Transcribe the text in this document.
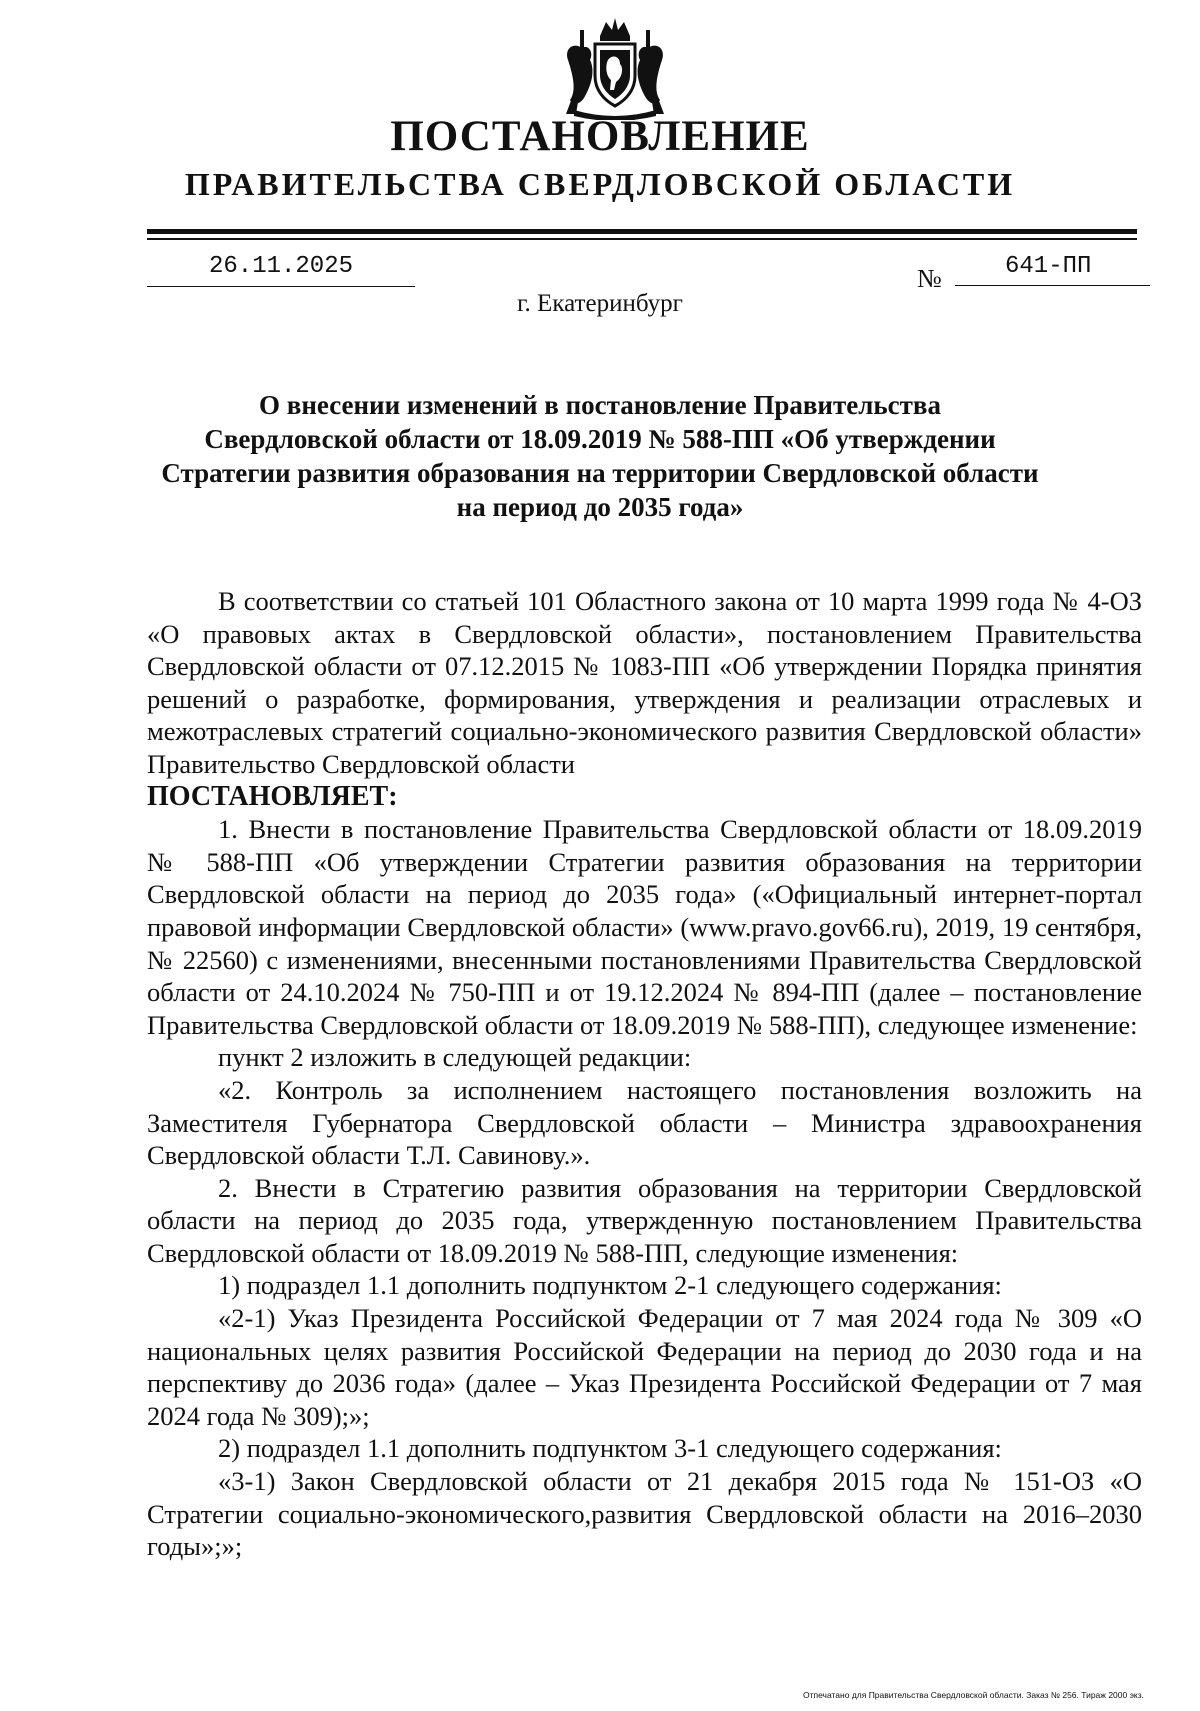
ПОСТАНОВЛЕНИЕ
ПРАВИТЕЛЬСТВА СВЕРДЛОВСКОЙ ОБЛАСТИ
26.11.2025	№	641-ПП
г. Екатеринбург
О внесении изменений в постановление Правительства
Свердловской области от 18.09.2019 № 588-ПП «Об утверждении
Стратегии развития образования на территории Свердловской области
на период до 2035 года»

В соответствии со статьей 101 Областного закона от 10 марта 1999 года № 4-ОЗ «О правовых актах в Свердловской области», постановлением Правительства Свердловской области от 07.12.2015 № 1083-ПП «Об утверждении Порядка принятия решений о разработке, формирования, утверждения и реализации отраслевых и межотраслевых стратегий социально-экономического развития Свердловской области» Правительство Свердловской области

ПОСТАНОВЛЯЕТ:

1. Внести в постановление Правительства Свердловской области от 18.09.2019 № 588-ПП «Об утверждении Стратегии развития образования на территории Свердловской области на период до 2035 года» («Официальный интернет-портал правовой информации Свердловской области» (www.pravo.gov66.ru), 2019, 19 сентября, № 22560) с изменениями, внесенными постановлениями Правительства Свердловской области от 24.10.2024 № 750-ПП и от 19.12.2024 № 894-ПП (далее – постановление Правительства Свердловской области от 18.09.2019 № 588-ПП), следующее изменение:

пункт 2 изложить в следующей редакции:

«2. Контроль за исполнением настоящего постановления возложить на Заместителя Губернатора Свердловской области – Министра здравоохранения Свердловской области Т.Л. Савинову.».

2. Внести в Стратегию развития образования на территории Свердловской области на период до 2035 года, утвержденную постановлением Правительства Свердловской области от 18.09.2019 № 588-ПП, следующие изменения:

1) подраздел 1.1 дополнить подпунктом 2-1 следующего содержания:

«2-1) Указ Президента Российской Федерации от 7 мая 2024 года № 309 «О национальных целях развития Российской Федерации на период до 2030 года и на перспективу до 2036 года» (далее – Указ Президента Российской Федерации от 7 мая 2024 года № 309);»;

2) подраздел 1.1 дополнить подпунктом 3-1 следующего содержания:

«3-1) Закон Свердловской области от 21 декабря 2015 года № 151-ОЗ «О Стратегии социально-экономического,развития Свердловской области на 2016–2030 годы»;»;

Отпечатано для Правительства Свердловской области. Заказ № 256. Тираж 2000 экз.
